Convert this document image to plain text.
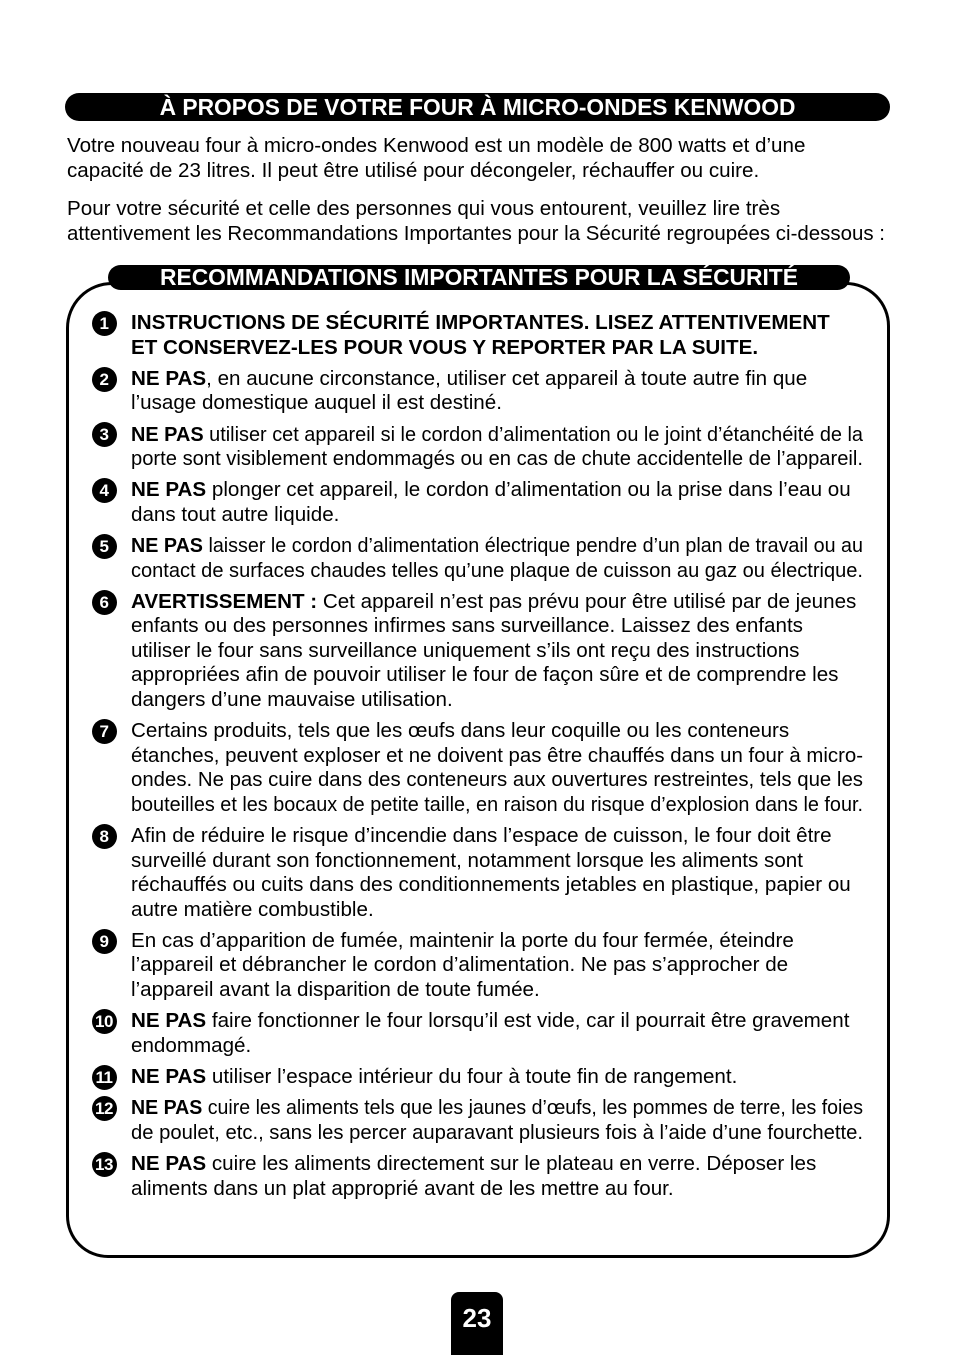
À PROPOS DE VOTRE FOUR À MICRO-ONDES KENWOOD
Votre nouveau four à micro-ondes Kenwood est un modèle de 800 watts et d’une
capacité de 23 litres. Il peut être utilisé pour décongeler, réchauffer ou cuire.
Pour votre sécurité et celle des personnes qui vous entourent, veuillez lire très
attentivement les Recommandations Importantes pour la Sécurité regroupées ci-dessous :
RECOMMANDATIONS IMPORTANTES POUR LA SÉCURITÉ
1	INSTRUCTIONS DE SÉCURITÉ IMPORTANTES. LISEZ ATTENTIVEMENT
ET CONSERVEZ-LES POUR VOUS Y REPORTER PAR LA SUITE.
2	NE PAS, en aucune circonstance, utiliser cet appareil à toute autre fin que
l’usage domestique auquel il est destiné.
3	NE PAS utiliser cet appareil si le cordon d’alimentation ou le joint d’étanchéité de la
porte sont visiblement endommagés ou en cas de chute accidentelle de l’appareil.
4	NE PAS plonger cet appareil, le cordon d’alimentation ou la prise dans l’eau ou
dans tout autre liquide.
5	NE PAS laisser le cordon d’alimentation électrique pendre d’un plan de travail ou au
contact de surfaces chaudes telles qu’une plaque de cuisson au gaz ou électrique.
6	AVERTISSEMENT : Cet appareil n’est pas prévu pour être utilisé par de jeunes
enfants ou des personnes infirmes sans surveillance. Laissez des enfants
utiliser le four sans surveillance uniquement s’ils ont reçu des instructions
appropriées afin de pouvoir utiliser le four de façon sûre et de comprendre les
dangers d’une mauvaise utilisation.
7	Certains produits, tels que les œufs dans leur coquille ou les conteneurs
étanches, peuvent exploser et ne doivent pas être chauffés dans un four à micro-
ondes. Ne pas cuire dans des conteneurs aux ouvertures restreintes, tels que les
bouteilles et les bocaux de petite taille, en raison du risque d’explosion dans le four.
8	Afin de réduire le risque d’incendie dans l’espace de cuisson, le four doit être
surveillé durant son fonctionnement, notamment lorsque les aliments sont
réchauffés ou cuits dans des conditionnements jetables en plastique, papier ou
autre matière combustible.
9	En cas d’apparition de fumée, maintenir la porte du four fermée, éteindre
l’appareil et débrancher le cordon d’alimentation. Ne pas s’approcher de
l’appareil avant la disparition de toute fumée.
10 NE PAS faire fonctionner le four lorsqu’il est vide, car il pourrait être gravement
endommagé.
11 NE PAS utiliser l’espace intérieur du four à toute fin de rangement.
12 NE PAS cuire les aliments tels que les jaunes d’œufs, les pommes de terre, les foies
de poulet, etc., sans les percer auparavant plusieurs fois à l’aide d’une fourchette.
13 NE PAS cuire les aliments directement sur le plateau en verre. Déposer les
aliments dans un plat approprié avant de les mettre au four.
23
